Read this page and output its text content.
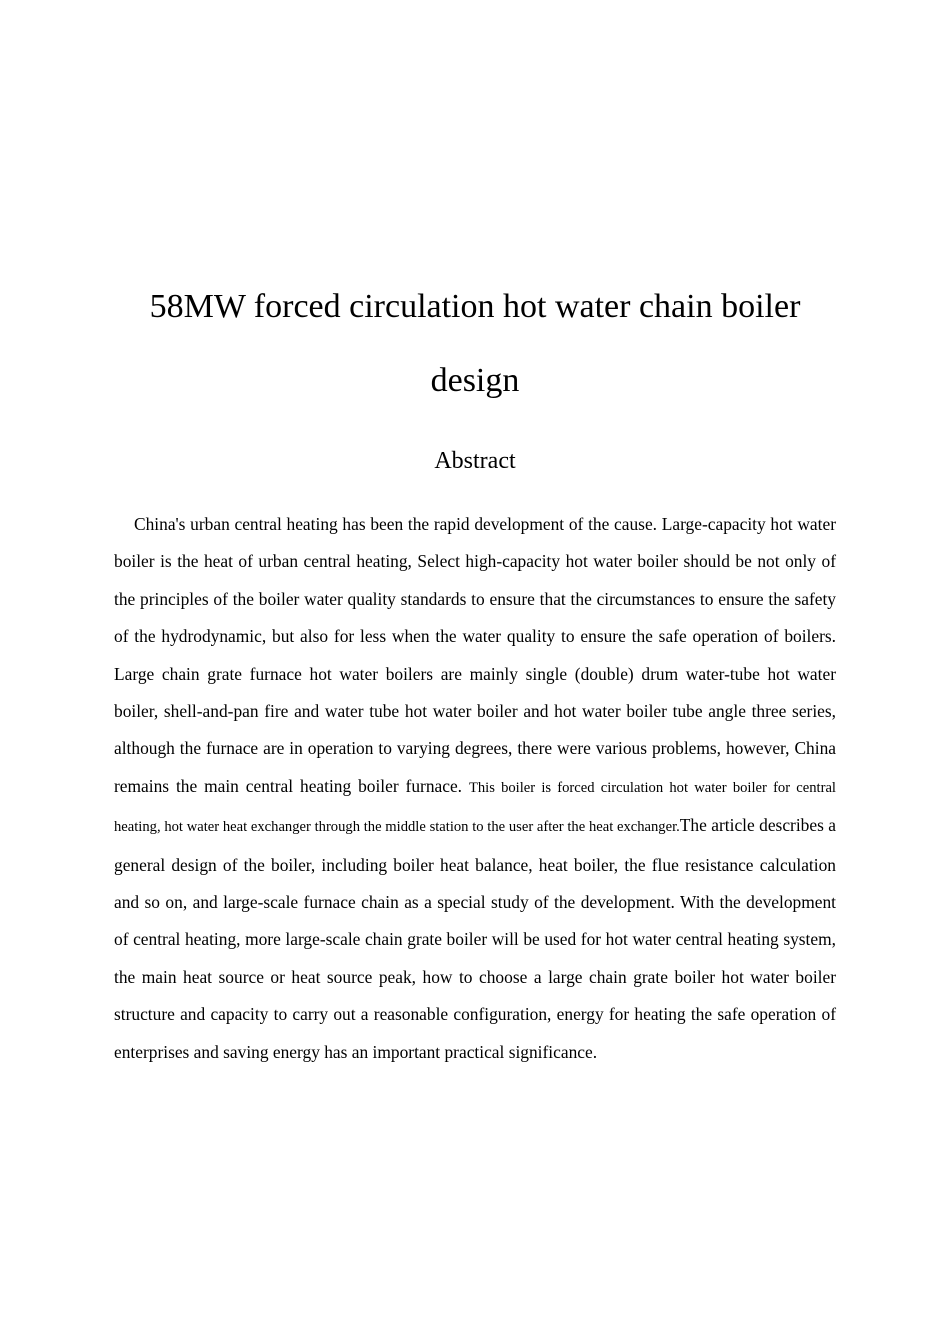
58MW forced circulation hot water chain boiler
design
Abstract

China's urban central heating has been the rapid development of the cause. Large-capacity hot water boiler is the heat of urban central heating, Select high-capacity hot water boiler should be not only of the principles of the boiler water quality standards to ensure that the circumstances to ensure the safety of the hydrodynamic, but also for less when the water quality to ensure the safe operation of boilers. Large chain grate furnace hot water boilers are mainly single (double) drum water-tube hot water boiler, shell-and-pan fire and water tube hot water boiler and hot water boiler tube angle three series, although the furnace are in operation to varying degrees, there were various problems, however, China remains the main central heating boiler furnace. This boiler is forced circulation hot water boiler for central heating, hot water heat exchanger through the middle station to the user after the heat exchanger.The article describes a general design of the boiler, including boiler heat balance, heat boiler, the flue resistance calculation and so on, and large-scale furnace chain as a special study of the development. With the development of central heating, more large-scale chain grate boiler will be used for hot water central heating system, the main heat source or heat source peak, how to choose a large chain grate boiler hot water boiler structure and capacity to carry out a reasonable configuration, energy for heating the safe operation of enterprises and saving energy has an important practical significance.
